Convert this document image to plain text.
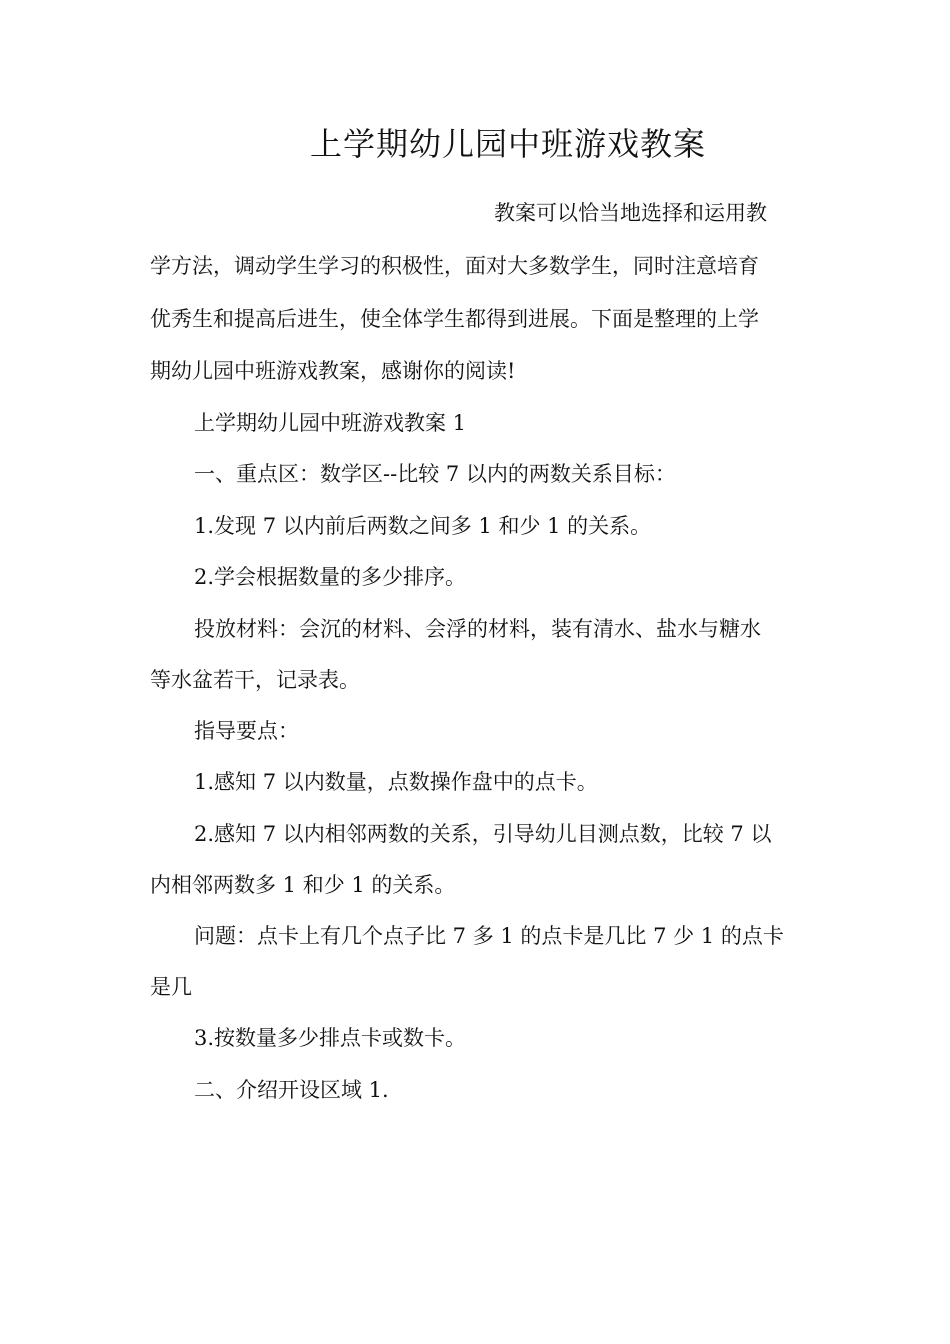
上学期幼儿园中班游戏教案
教案可以恰当地选择和运用教
学方法，调动学生学习的积极性，面对大多数学生，同时注意培育
优秀生和提高后进生，使全体学生都得到进展。下面是整理的上学
期幼儿园中班游戏教案，感谢你的阅读!
上学期幼儿园中班游戏教案 1
一、重点区：数学区--比较 7 以内的两数关系目标：
1.发现 7 以内前后两数之间多 1 和少 1 的关系。
2.学会根据数量的多少排序。
投放材料：会沉的材料、会浮的材料，装有清水、盐水与糖水
等水盆若干，记录表。
指导要点：
1.感知 7 以内数量，点数操作盘中的点卡。
2.感知 7 以内相邻两数的关系，引导幼儿目测点数，比较 7 以
内相邻两数多 1 和少 1 的关系。
问题：点卡上有几个点子比 7 多 1 的点卡是几比 7 少 1 的点卡
是几
3.按数量多少排点卡或数卡。
二、介绍开设区域 1.
